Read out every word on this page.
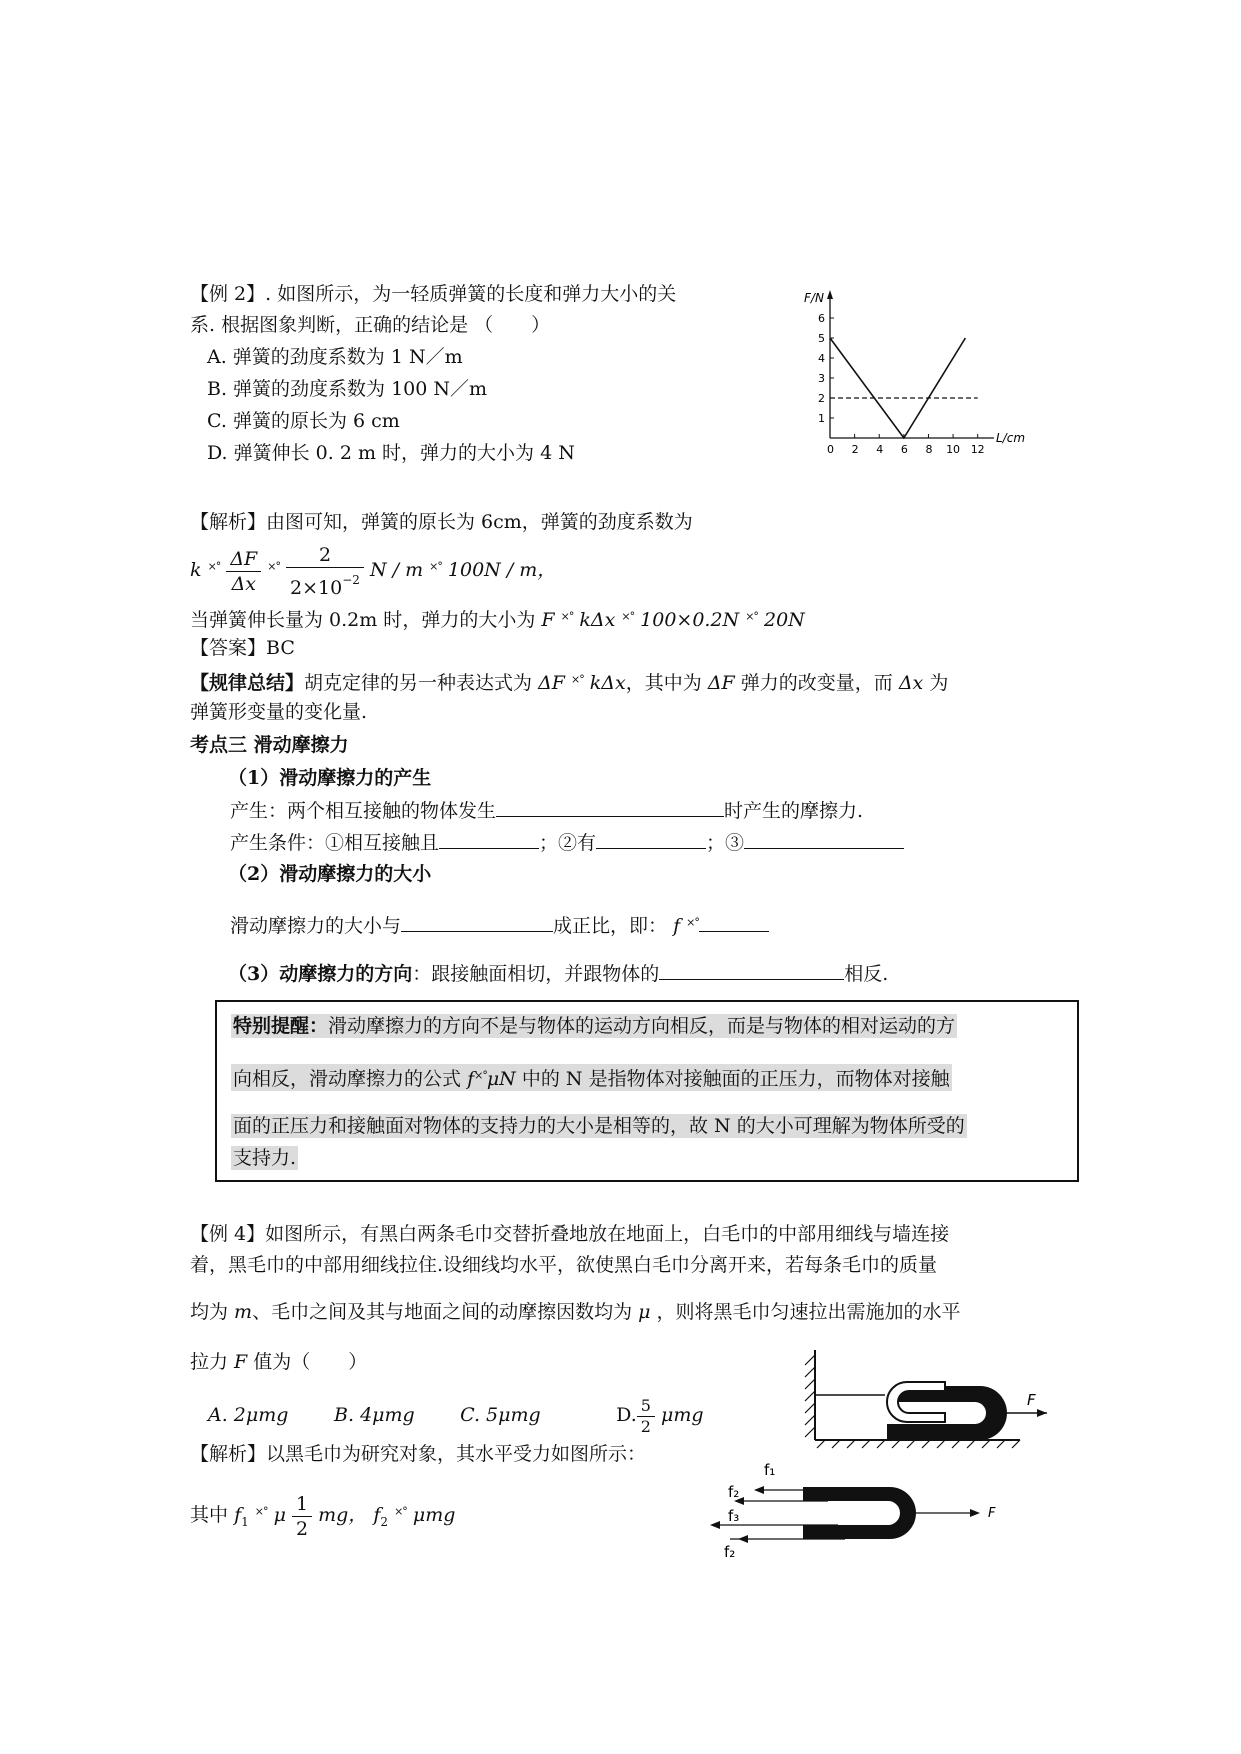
【例 2】. 如图所示，为一轻质弹簧的长度和弹力大小的关
系. 根据图象判断，正确的结论是 （　　）
A. 弹簧的劲度系数为 1 N／m
B. 弹簧的劲度系数为 100 N／m
C. 弹簧的原长为 6 cm
D. 弹簧伸长 0. 2 m 时，弹力的大小为 4 N
F/N
L/cm
1
2
3
4
5
6
0 2 4 6 8 10 12
【解析】由图可知，弹簧的原长为 6cm，弹簧的劲度系数为
k $^{\times^\circ} \frac{\Delta F}{\Delta x} ^{\times^\circ} \frac{2}{2\times 10^{-2}}$ N / m ×° 100N / m，
当弹簧伸长量为 0.2m 时，弹力的大小为 F ×° kΔx ×° 100×0.2N ×° 20N
【答案】BC
【规律总结】胡克定律的另一种表达式为 ΔF ×° kΔx，其中为 ΔF 弹力的改变量，而 Δx 为
弹簧形变量的变化量.
考点三 滑动摩擦力
（1）滑动摩擦力的产生
产生：两个相互接触的物体发生	时产生的摩擦力.
产生条件：①相互接触且	；②有	；③
（2）滑动摩擦力的大小
滑动摩擦力的大小与	成正比，即： f ×°
（3）动摩擦力的方向：跟接触面相切，并跟物体的	相反.
特别提醒：滑动摩擦力的方向不是与物体的运动方向相反，而是与物体的相对运动的方
向相反，滑动摩擦力的公式 f×°μN 中的 N 是指物体对接触面的正压力，而物体对接触
面的正压力和接触面对物体的支持力的大小是相等的，故 N 的大小可理解为物体所受的
支持力.
【例 4】如图所示，有黑白两条毛巾交替折叠地放在地面上，白毛巾的中部用细线与墙连接
着，黑毛巾的中部用细线拉住.设细线均水平，欲使黑白毛巾分离开来，若每条毛巾的质量
均为 m、毛巾之间及其与地面之间的动摩擦因数均为 μ ，则将黑毛巾匀速拉出需施加的水平
拉力 F 值为（　　）
A. 2μmg B. 4μmg C. 5μmg	D. $\frac{5}{2}$ μmg
F
【解析】以黑毛巾为研究对象，其水平受力如图所示：
其中 $f_1$ ×° μ $\frac{1}{2}$ mg， $f_2$ ×° μmg	F
f₁
f₂
f₃
f₂
